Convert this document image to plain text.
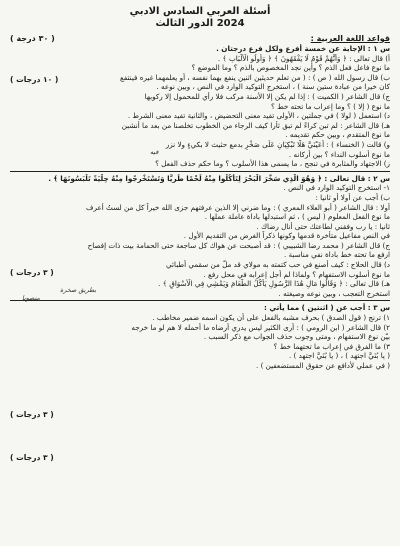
أسئلة العربي السادس الادبي
2024 الدور الثالث
قواعد اللغة العربية :
( ٣٠ درجة )
س ١ : الإجابة عن خمسة أفرع ولكل فرع درجتان .
أ) قال تعالى : ﴿ وَأَنَّهُمْ قَوْمٌ لَا يَفْقَهُونَ ﴾ ﴿ وَأُولُو الْأَلْبَابِ ﴾ .
ما نوع فاعل فعل الذم ؟ وأين نجد المخصوص بالذم ؟ وما الموضع ؟
ب) قال رسول الله ( ص ) : ( من تعلم حديثين اثنين ينفع بهما نفسه ، أو يعلمهما غيره فينتفع
كان خيرا من عبادة ستين سنة ) ، استخرج التوكيد الوارد في النص ، وبين نوعه .
ج) قال الشاعر ( الكميت ) : إذا لم يكن إلا الأسنة مركب فلا رأي للمحمول إلا ركوبها
ما نوع ( إلا ) ؟ وما إعراب ما تحته خط ؟
د) استعمل ( لولا ) في جملتين ، الأولى تفيد معنى التحضيض ، والثانية تفيد معنى الشرط .
هـ) قال الشاعر : لم تبنِ كراءً لم تبق ثأرا كيف الرجاء من الخطوب تخلصنا من بعد ما أنشبن
ما نوع المتقدم ، وبين حكم تقديمه .
و) قالت ( الخنساء ) : أَعَيْنَيَّ هَلَّا تَبْكِيَانِ عَلَى صَخْرٍ بدمع حثيث لا بكيءٍ ولا نزر
ما نوع أسلوب النداء ؟ بين أركانه .
ز) الاجتهاد والمثابرة في تنجح ، ما يسمى هذا الأسلوب ؟ وما حكم حذف الفعل ؟
س ٢ : قال تعالى : ﴿ وَهُوَ الَّذِي سَخَّرَ الْبَحْرَ لِتَأْكُلُوا مِنْهُ لَحْمًا طَرِيًّا وَتَسْتَخْرِجُوا مِنْهُ حِلْيَةً تَلْبَسُونَهَا ﴾ .
١- استخرج التوكيد الوارد في النص .
ب) أجب عن أولا أو ثانيا :
أولا : قال الشاعر ( أبو العلاء المعري ) : وما ضرني إلا الذين عرفتهم جزى الله خيراً كل من لستُ أعرف
ما نوع الفعل المعلوم ( ليس ) ، ثم استبدلها باداة عاملة عملها .
ثانيا : يا رب وفقني لطاعتك حتى أنال رضاك .
في النص مفاعيل متأخرة قدمها وكونها ذكراً الغرض من التقديم الأول .
ج) قال الشاعر ( محمد رضا الشبيبي ) : قد أصبحت عن هواك كل ساجعة حتى الحمامة بيت ذات إفصاح
ارفع ما تحته خط باداة نفي مناسبة .
د) قال الحلاج : كيف أصنع في حب كتمته به مولاي قد ملّ من سقمي أطبائي
ما نوع أسلوب الاستفهام ؟ ولماذا لم أجل إعرابه في محل رفع .
هـ) قال تعالى : ﴿ وَقَالُوا مَالِ هَٰذَا الرَّسُولِ يَأْكُلُ الطَّعَامَ وَيَمْشِي فِي الْأَسْوَاقِ ﴾ .
استخرج التعجب ، وبين نوعه وصيغته .
س ٣ : أجب عن ( اثنتين ) مما يأتي :
١) ترنج ( قول الصدق ) بحرف مشبه بالفعل على أن يكون اسمه ضمير مخاطب .
٢) قال الشاعر ( ابن الرومي ) : أرى الكثير ليس يدري أرضاه ما أحمله لا هم لو ما خرجه
بيّن نوع الاستفهام ، ومتى وجوب حذف الجواب مع ذكر السبب .
٣) ما الفرق في إعراب ما تحتهما خط ؟
( يا بُنَيَّ اجتهد ) ، ( يا بُنَيَّ اجتهد ) .
( في عملي لأدافع عن حقوق المستضعفين ) .
( ١٠ درجات )
( ٣ درجات )
( ٣ درجات )
( ٣ درجات )
بطريق صخرة
منصوبا
فيه
